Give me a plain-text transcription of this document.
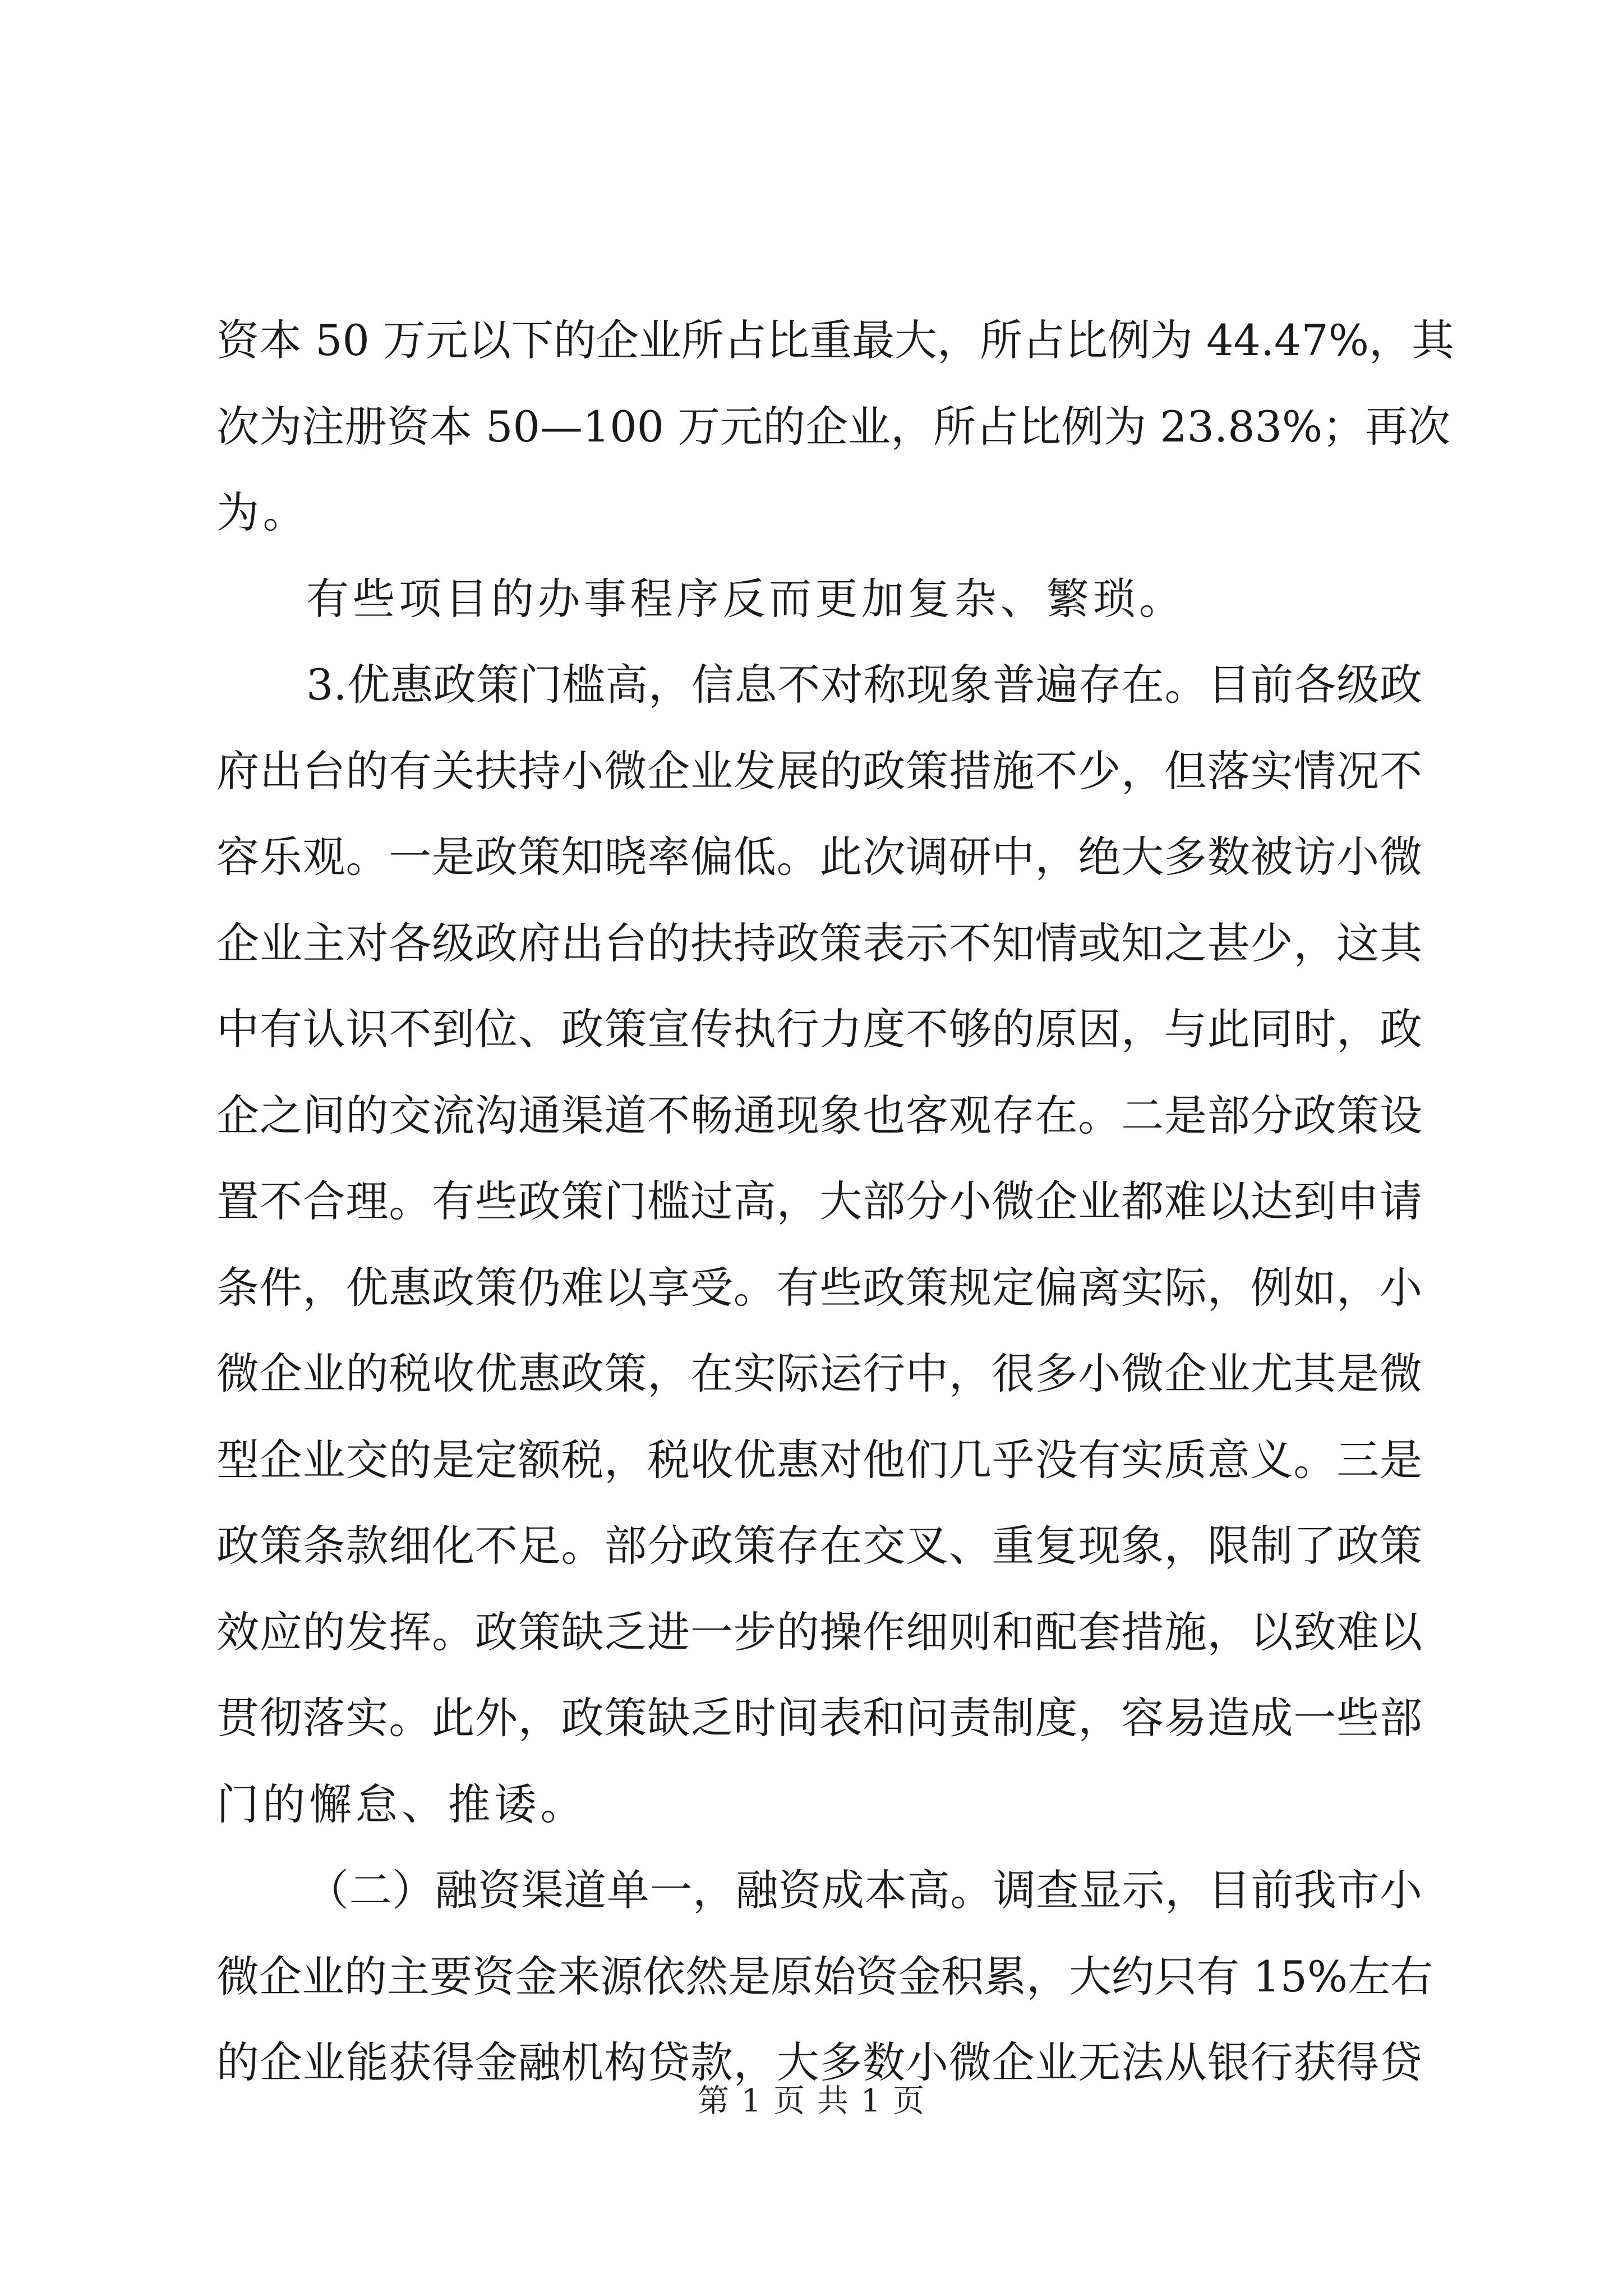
资本 50 万元以下的企业所占比重最大，所占比例为 44.47%，其
次为注册资本 50—100 万元的企业，所占比例为 23.83%；再次
为。
有些项目的办事程序反而更加复杂、繁琐。
3.优惠政策门槛高，信息不对称现象普遍存在。目前各级政
府出台的有关扶持小微企业发展的政策措施不少，但落实情况不
容乐观。一是政策知晓率偏低。此次调研中，绝大多数被访小微
企业主对各级政府出台的扶持政策表示不知情或知之甚少，这其
中有认识不到位、政策宣传执行力度不够的原因，与此同时，政
企之间的交流沟通渠道不畅通现象也客观存在。二是部分政策设
置不合理。有些政策门槛过高，大部分小微企业都难以达到申请
条件，优惠政策仍难以享受。有些政策规定偏离实际，例如，小
微企业的税收优惠政策，在实际运行中，很多小微企业尤其是微
型企业交的是定额税，税收优惠对他们几乎没有实质意义。三是
政策条款细化不足。部分政策存在交叉、重复现象，限制了政策
效应的发挥。政策缺乏进一步的操作细则和配套措施，以致难以
贯彻落实。此外，政策缺乏时间表和问责制度，容易造成一些部
门的懈怠、推诿。
（二）融资渠道单一，融资成本高。调查显示，目前我市小
微企业的主要资金来源依然是原始资金积累，大约只有 15%左右
的企业能获得金融机构贷款，大多数小微企业无法从银行获得贷
第 1 页 共 1 页
